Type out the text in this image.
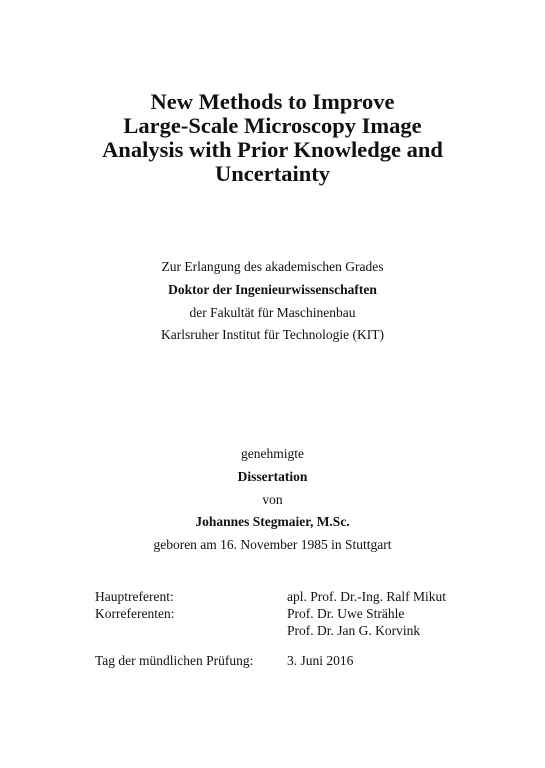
New Methods to Improve
Large-Scale Microscopy Image
Analysis with Prior Knowledge and
Uncertainty
Zur Erlangung des akademischen Grades
Doktor der Ingenieurwissenschaften
der Fakultät für Maschinenbau
Karlsruher Institut für Technologie (KIT)
genehmigte
Dissertation
von
Johannes Stegmaier, M.Sc.
geboren am 16. November 1985 in Stuttgart
Hauptreferent:	apl. Prof. Dr.-Ing. Ralf Mikut
Korreferenten:	Prof. Dr. Uwe Strähle
Prof. Dr. Jan G. Korvink
Tag der mündlichen Prüfung: 3. Juni 2016
